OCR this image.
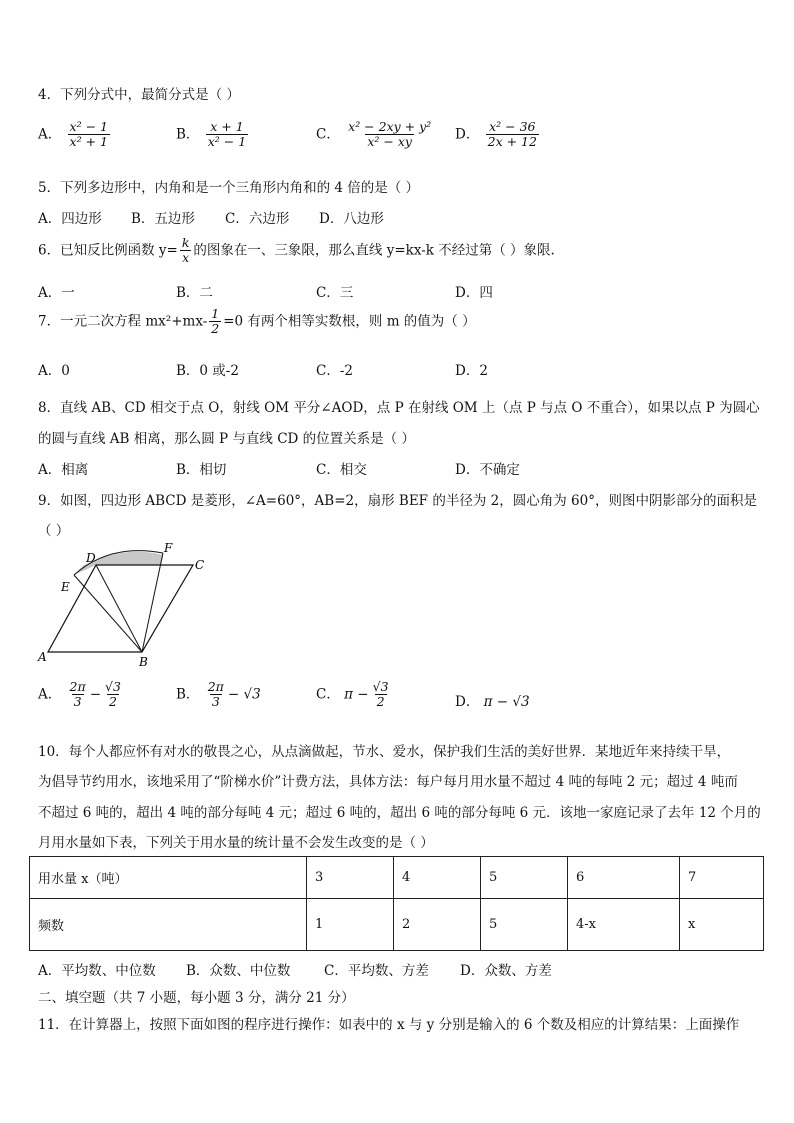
4．下列分式中，最简分式是（ ）
A． $\frac{\text{x² − 1}}{\text{x² + 1}}$	B． $\frac{x + 1}{\text{x² − 1}}$	C． $\frac{\text{x² − 2xy + y²}}{\text{x² − xy}}$ D． $\frac{\text{x² − 36}}{2x + 12}$
5．下列多边形中，内角和是一个三角形内角和的 4 倍的是（ ）
A．四边形 B．五边形 C．六边形 D．八边形
6．已知反比例函数 $y= \frac{k}{x}$ 的图象在一、三象限，那么直线 y=kx-k 不经过第（ ）象限.
A．一	B．二	C．三	D．四
7．一元二次方程 $mx^2+mx- \frac{1}{2} =0$ 有两个相等实数根，则 m 的值为（ ）
A．0	B．0 或-2	C．-2	D．2
8．直线 AB、CD 相交于点 O，射线 OM 平分∠AOD，点 P 在射线 OM 上（点 P 与点 O 不重合），如果以点 P 为圆心
的圆与直线 AB 相离，那么圆 P 与直线 CD 的位置关系是（ ）
A．相离	B．相切	C．相交	D．不确定
9．如图，四边形 ABCD 是菱形，∠A=60°，AB=2，扇形 BEF 的半径为 2，圆心角为 60°，则图中阴影部分的面积是
（ ）
A	B
C
D
E
F
A． $\frac{2\pi}{3} - \frac{√3}{2}$	B． $\frac{2\pi}{3} - √3$	C． $\pi - \frac{√3}{2}$	D． π − √3
10．每个人都应怀有对水的敬畏之心，从点滴做起，节水、爱水，保护我们生活的美好世界．某地近年来持续干旱，
为倡导节约用水，该地采用了“阶梯水价”计费方法，具体方法：每户每月用水量不超过 4 吨的每吨 2 元；超过 4 吨而
不超过 6 吨的，超出 4 吨的部分每吨 4 元；超过 6 吨的，超出 6 吨的部分每吨 6 元．该地一家庭记录了去年 12 个月的
月用水量如下表，下列关于用水量的统计量不会发生改变的是（ ）
用水量 x（吨）	3	4	5	6	7
频数	1	2	5	4-x	x
A．平均数、中位数 B．众数、中位数 C．平均数、方差 D．众数、方差
二、填空题（共 7 小题，每小题 3 分，满分 21 分）
11．在计算器上，按照下面如图的程序进行操作：如表中的 x 与 y 分别是输入的 6 个数及相应的计算结果：上面操作
